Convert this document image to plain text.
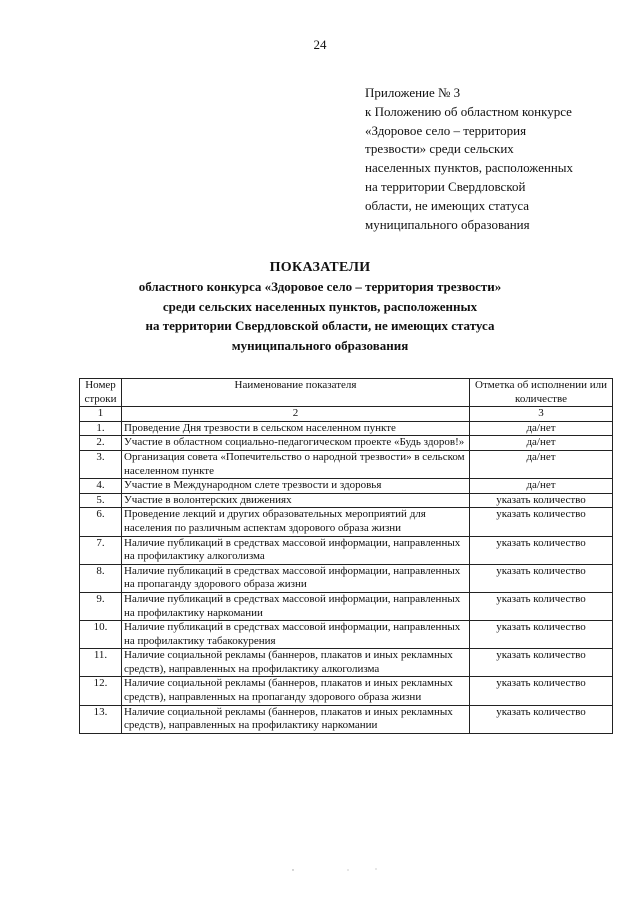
24
Приложение № 3
к Положению об областном конкурсе
«Здоровое село – территория
трезвости» среди сельских
населенных пунктов, расположенных
на территории Свердловской
области, не имеющих статуса
муниципального образования
ПОКАЗАТЕЛИ
областного конкурса «Здоровое село – территория трезвости»
среди сельских населенных пунктов, расположенных
на территории Свердловской области, не имеющих статуса
муниципального образования
Номер строки	Наименование показателя	Отметка об исполнении или количестве
1	2	3
1.	Проведение Дня трезвости в сельском населенном пункте	да/нет
2.	Участие в областном социально-педагогическом проекте «Будь здоров!»	да/нет
3.	Организация совета «Попечительство о народной трезвости» в сельском населенном пункте	да/нет
4.	Участие в Международном слете трезвости и здоровья	да/нет
5.	Участие в волонтерских движениях	указать количество
6.	Проведение лекций и других образовательных мероприятий для населения по различным аспектам здорового образа жизни	указать количество
7.	Наличие публикаций в средствах массовой информации, направленных на профилактику алкоголизма	указать количество
8.	Наличие публикаций в средствах массовой информации, направленных на пропаганду здорового образа жизни	указать количество
9.	Наличие публикаций в средствах массовой информации, направленных на профилактику наркомании	указать количество
10.	Наличие публикаций в средствах массовой информации, направленных на профилактику табакокурения	указать количество
11.	Наличие социальной рекламы (баннеров, плакатов и иных рекламных средств), направленных на профилактику алкоголизма	указать количество
12.	Наличие социальной рекламы (баннеров, плакатов и иных рекламных средств), направленных на пропаганду здорового образа жизни	указать количество
13.	Наличие социальной рекламы (баннеров, плакатов и иных рекламных средств), направленных на профилактику наркомании	указать количество
